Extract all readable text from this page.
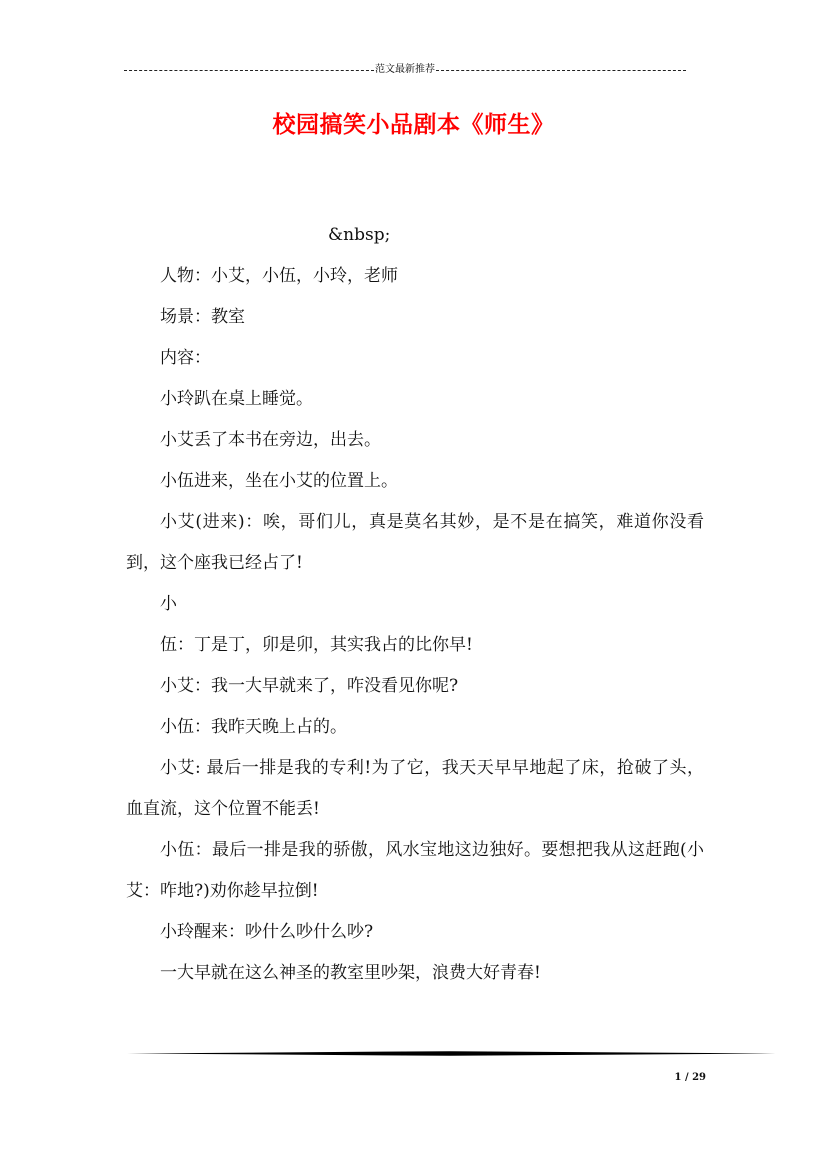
范文最新推荐
校园搞笑小品剧本《师生》

&nbsp;

人物：小艾，小伍，小玲，老师

场景：教室

内容：

小玲趴在桌上睡觉。

小艾丢了本书在旁边，出去。

小伍进来，坐在小艾的位置上。

小艾(进来)：唉，哥们儿，真是莫名其妙，是不是在搞笑，难道你没看到，这个座我已经占了!

小

伍：丁是丁，卯是卯，其实我占的比你早!

小艾：我一大早就来了，咋没看见你呢?

小伍：我昨天晚上占的。

小艾: 最后一排是我的专利!为了它，我天天早早地起了床，抢破了头，血直流，这个位置不能丢!

小伍：最后一排是我的骄傲，风水宝地这边独好。要想把我从这赶跑(小艾：咋地?)劝你趁早拉倒!

小玲醒来：吵什么吵什么吵?

一大早就在这么神圣的教室里吵架，浪费大好青春!

1 / 29
